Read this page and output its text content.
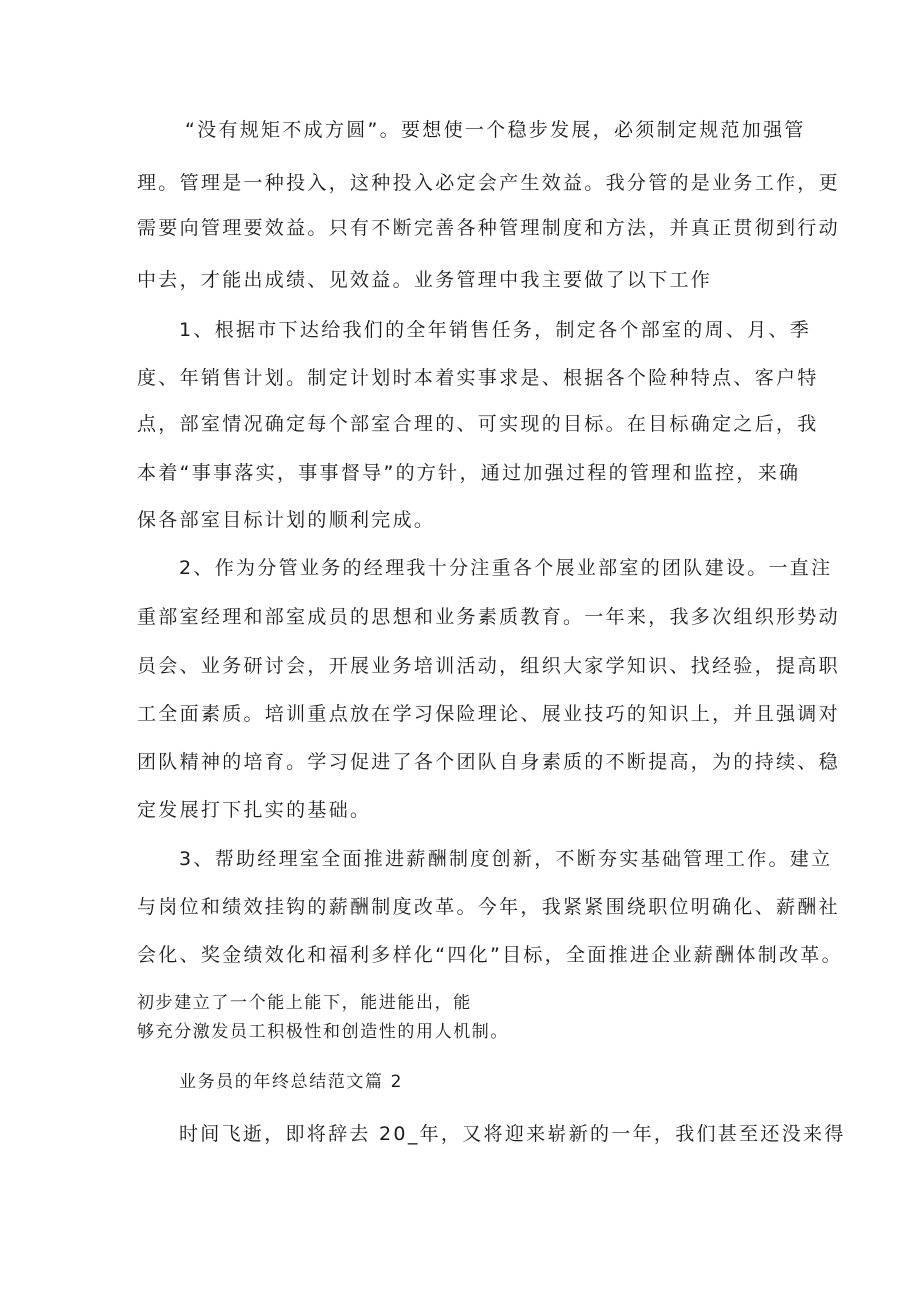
“没有规矩不成方圆”。要想使一个稳步发展，必须制定规范加强管
理。管理是一种投入，这种投入必定会产生效益。我分管的是业务工作，更
需要向管理要效益。只有不断完善各种管理制度和方法，并真正贯彻到行动
中去，才能出成绩、见效益。业务管理中我主要做了以下工作
1、根据市下达给我们的全年销售任务，制定各个部室的周、月、季
度、年销售计划。制定计划时本着实事求是、根据各个险种特点、客户特
点，部室情况确定每个部室合理的、可实现的目标。在目标确定之后，我
本着“事事落实，事事督导”的方针，通过加强过程的管理和监控，来确
保各部室目标计划的顺利完成。
2、作为分管业务的经理我十分注重各个展业部室的团队建设。一直注
重部室经理和部室成员的思想和业务素质教育。一年来，我多次组织形势动
员会、业务研讨会，开展业务培训活动，组织大家学知识、找经验，提高职
工全面素质。培训重点放在学习保险理论、展业技巧的知识上，并且强调对
团队精神的培育。学习促进了各个团队自身素质的不断提高，为的持续、稳
定发展打下扎实的基础。
3、帮助经理室全面推进薪酬制度创新，不断夯实基础管理工作。建立
与岗位和绩效挂钩的薪酬制度改革。今年，我紧紧围绕职位明确化、薪酬社
会化、奖金绩效化和福利多样化“四化”目标，全面推进企业薪酬体制改革。
初步建立了一个能上能下，能进能出，能
够充分激发员工积极性和创造性的用人机制。
业务员的年终总结范文篇 2
时间飞逝，即将辞去 20_年，又将迎来崭新的一年，我们甚至还没来得
